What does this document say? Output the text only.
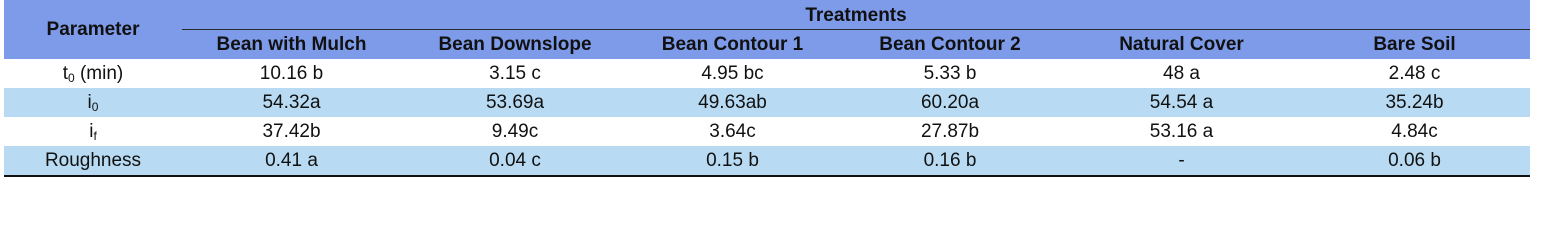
Parameter	Treatments					
	Bean with Mulch	Bean Downslope	Bean Contour 1	Bean Contour 2	Natural Cover	Bare Soil
$t_0$ (min)	10.16 b	3.15 c	4.95 bc	5.33 b	48 a	2.48 c
$i_0$	54.32a	53.69a	49.63ab	60.20a	54.54 a	35.24b
$i_f$	37.42b	9.49c	3.64c	27.87b	53.16 a	4.84c
Roughness	0.41 a	0.04 c	0.15 b	0.16 b	-	0.06 b
